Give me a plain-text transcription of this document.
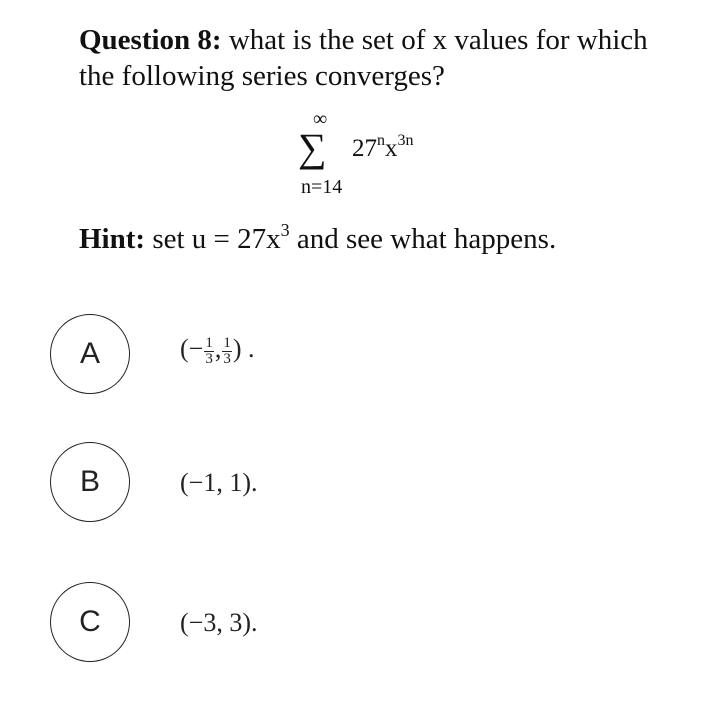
Question 8: what is the set of x values for which the following series converges?
∞
∑ $27^nx^{3n}$
n=14
Hint: set $u = 27x^3$ and see what happens.
A	(− $\frac{1}{3}$ , $\frac{1}{3}$ ) .
B	(−1, 1).
C	(−3, 3).
